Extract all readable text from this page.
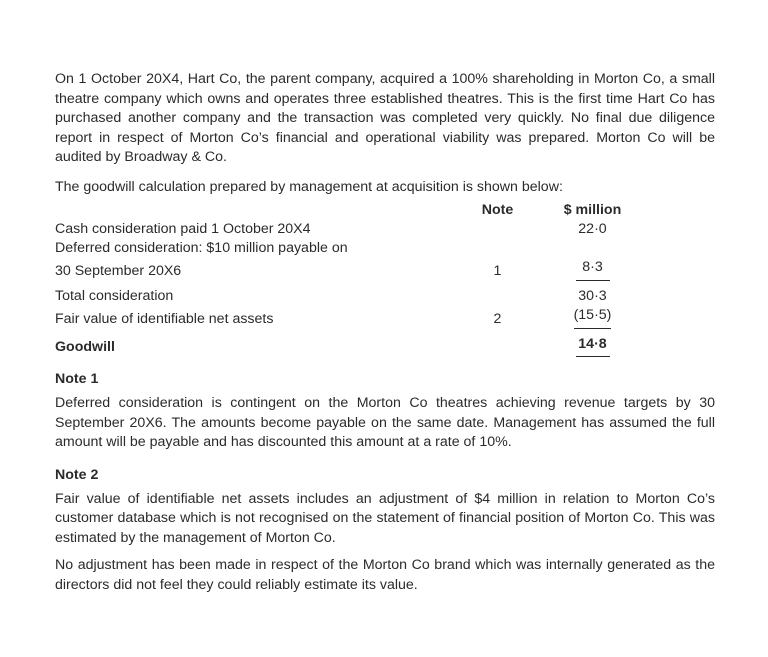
On 1 October 20X4, Hart Co, the parent company, acquired a 100% shareholding in Morton Co, a small theatre company which owns and operates three established theatres. This is the first time Hart Co has purchased another company and the transaction was completed very quickly. No final due diligence report in respect of Morton Co’s financial and operational viability was prepared. Morton Co will be audited by Broadway & Co.

The goodwill calculation prepared by management at acquisition is shown below:

	Note	$ million
Cash consideration paid 1 October 20X4		22·0
Deferred consideration: $10 million payable on		
30 September 20X6	1	8·3

Total consideration		30·3
Fair value of identifiable net assets	2	(15·5)

Goodwill		14·8
Note 1

Deferred consideration is contingent on the Morton Co theatres achieving revenue targets by 30 September 20X6. The amounts become payable on the same date. Management has assumed the full amount will be payable and has discounted this amount at a rate of 10%.

Note 2

Fair value of identifiable net assets includes an adjustment of $4 million in relation to Morton Co’s customer database which is not recognised on the statement of financial position of Morton Co. This was estimated by the management of Morton Co.

No adjustment has been made in respect of the Morton Co brand which was internally generated as the directors did not feel they could reliably estimate its value.
